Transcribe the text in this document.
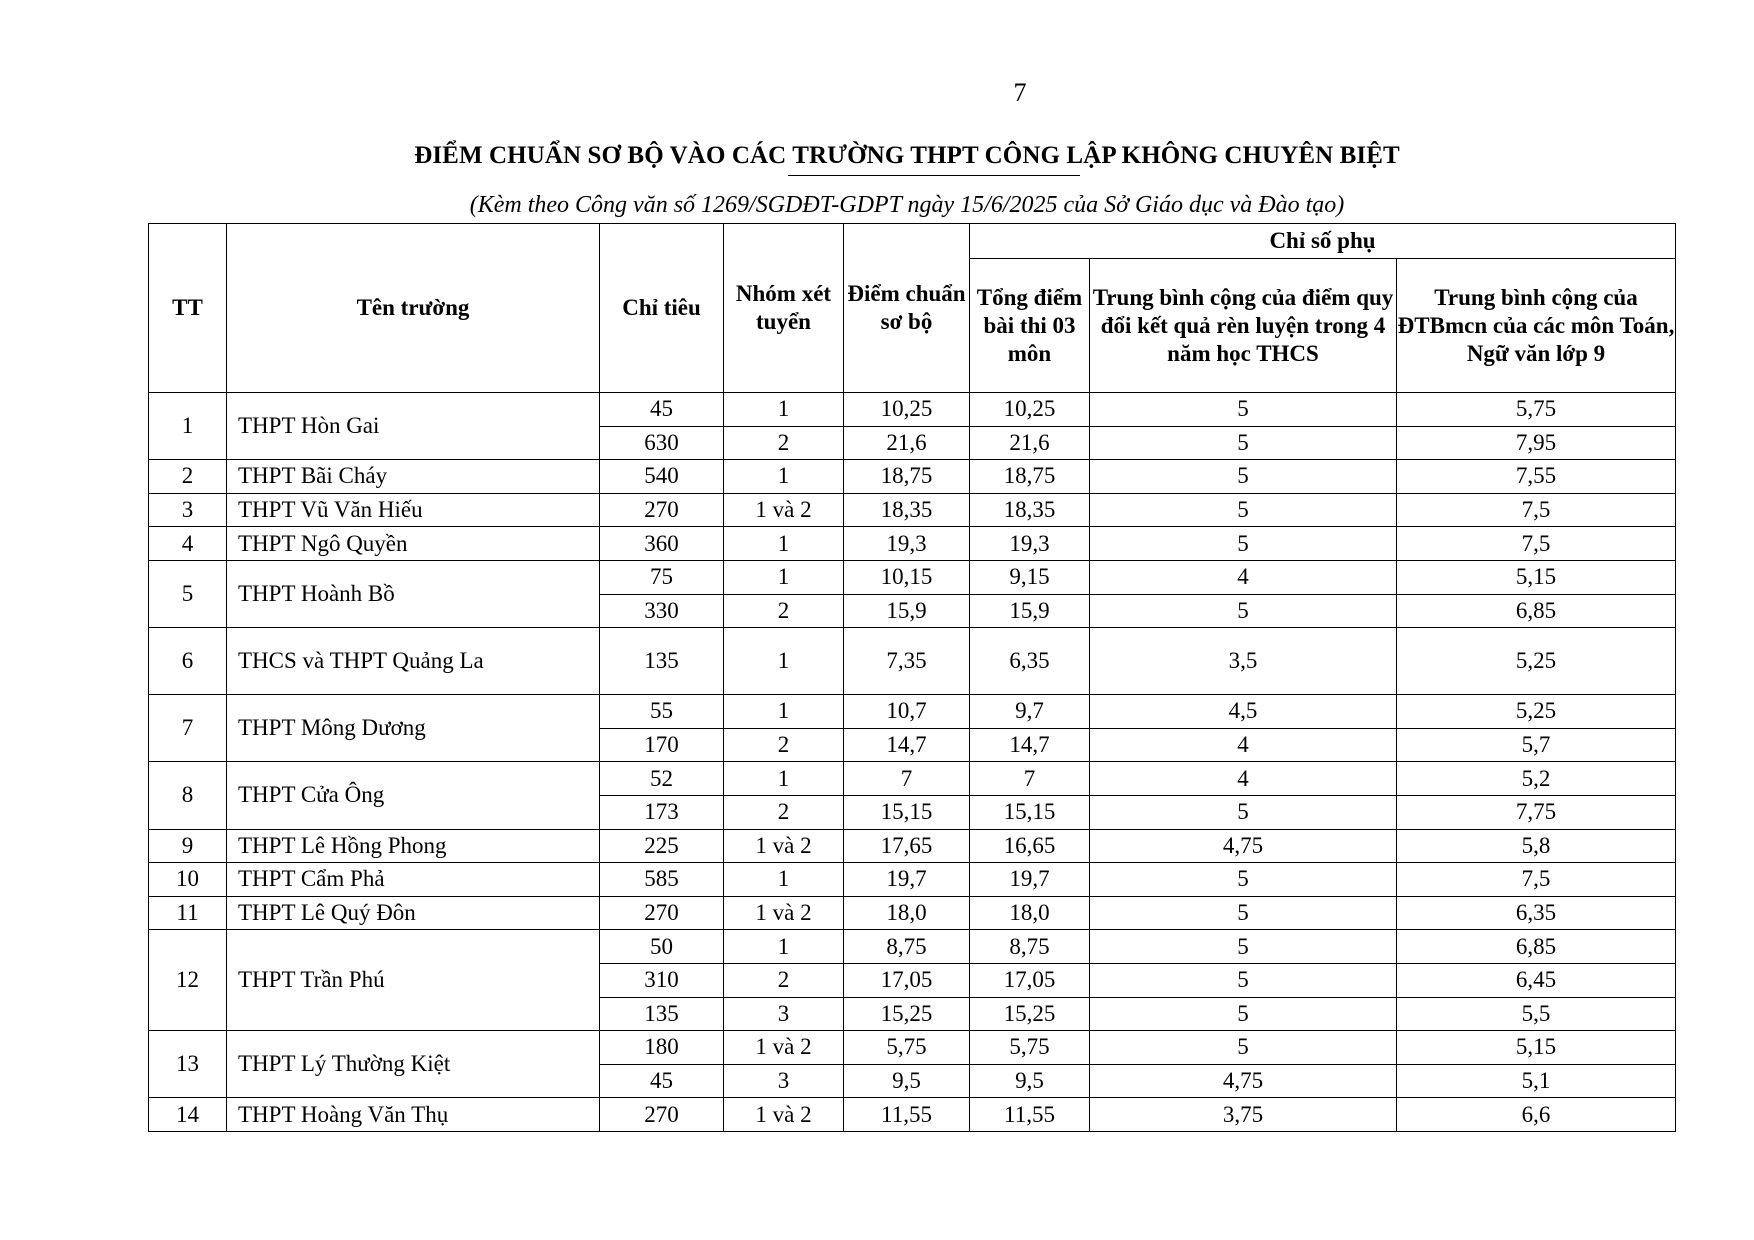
7
ĐIỂM CHUẨN SƠ BỘ VÀO CÁC TRƯỜNG THPT CÔNG LẬP KHÔNG CHUYÊN BIỆT
(Kèm theo Công văn số 1269/SGDĐT-GDPT ngày 15/6/2025 của Sở Giáo dục và Đào tạo)
TT	Tên trường	Chỉ tiêu	Nhóm xét tuyển	Điểm chuẩn sơ bộ	Chỉ số phụ		
					Tổng điểm bài thi 03 môn	Trung bình cộng của điểm quy đổi kết quả rèn luyện trong 4 năm học THCS	Trung bình cộng của ĐTBmcn của các môn Toán, Ngữ văn lớp 9
1	THPT Hòn Gai	45	1	10,25	10,25	5	5,75
		630	2	21,6	21,6	5	7,95
2	THPT Bãi Cháy	540	1	18,75	18,75	5	7,55
3	THPT Vũ Văn Hiếu	270	1 và 2	18,35	18,35	5	7,5
4	THPT Ngô Quyền	360	1	19,3	19,3	5	7,5
5	THPT Hoành Bồ	75	1	10,15	9,15	4	5,15
		330	2	15,9	15,9	5	6,85
6	THCS và THPT Quảng La	135	1	7,35	6,35	3,5	5,25
7	THPT Mông Dương	55	1	10,7	9,7	4,5	5,25
		170	2	14,7	14,7	4	5,7
8	THPT Cửa Ông	52	1	7	7	4	5,2
		173	2	15,15	15,15	5	7,75
9	THPT Lê Hồng Phong	225	1 và 2	17,65	16,65	4,75	5,8
10	THPT Cẩm Phả	585	1	19,7	19,7	5	7,5
11	THPT Lê Quý Đôn	270	1 và 2	18,0	18,0	5	6,35
12	THPT Trần Phú	50	1	8,75	8,75	5	6,85
		310	2	17,05	17,05	5	6,45
		135	3	15,25	15,25	5	5,5
13	THPT Lý Thường Kiệt	180	1 và 2	5,75	5,75	5	5,15
		45	3	9,5	9,5	4,75	5,1
14	THPT Hoàng Văn Thụ	270	1 và 2	11,55	11,55	3,75	6,6
